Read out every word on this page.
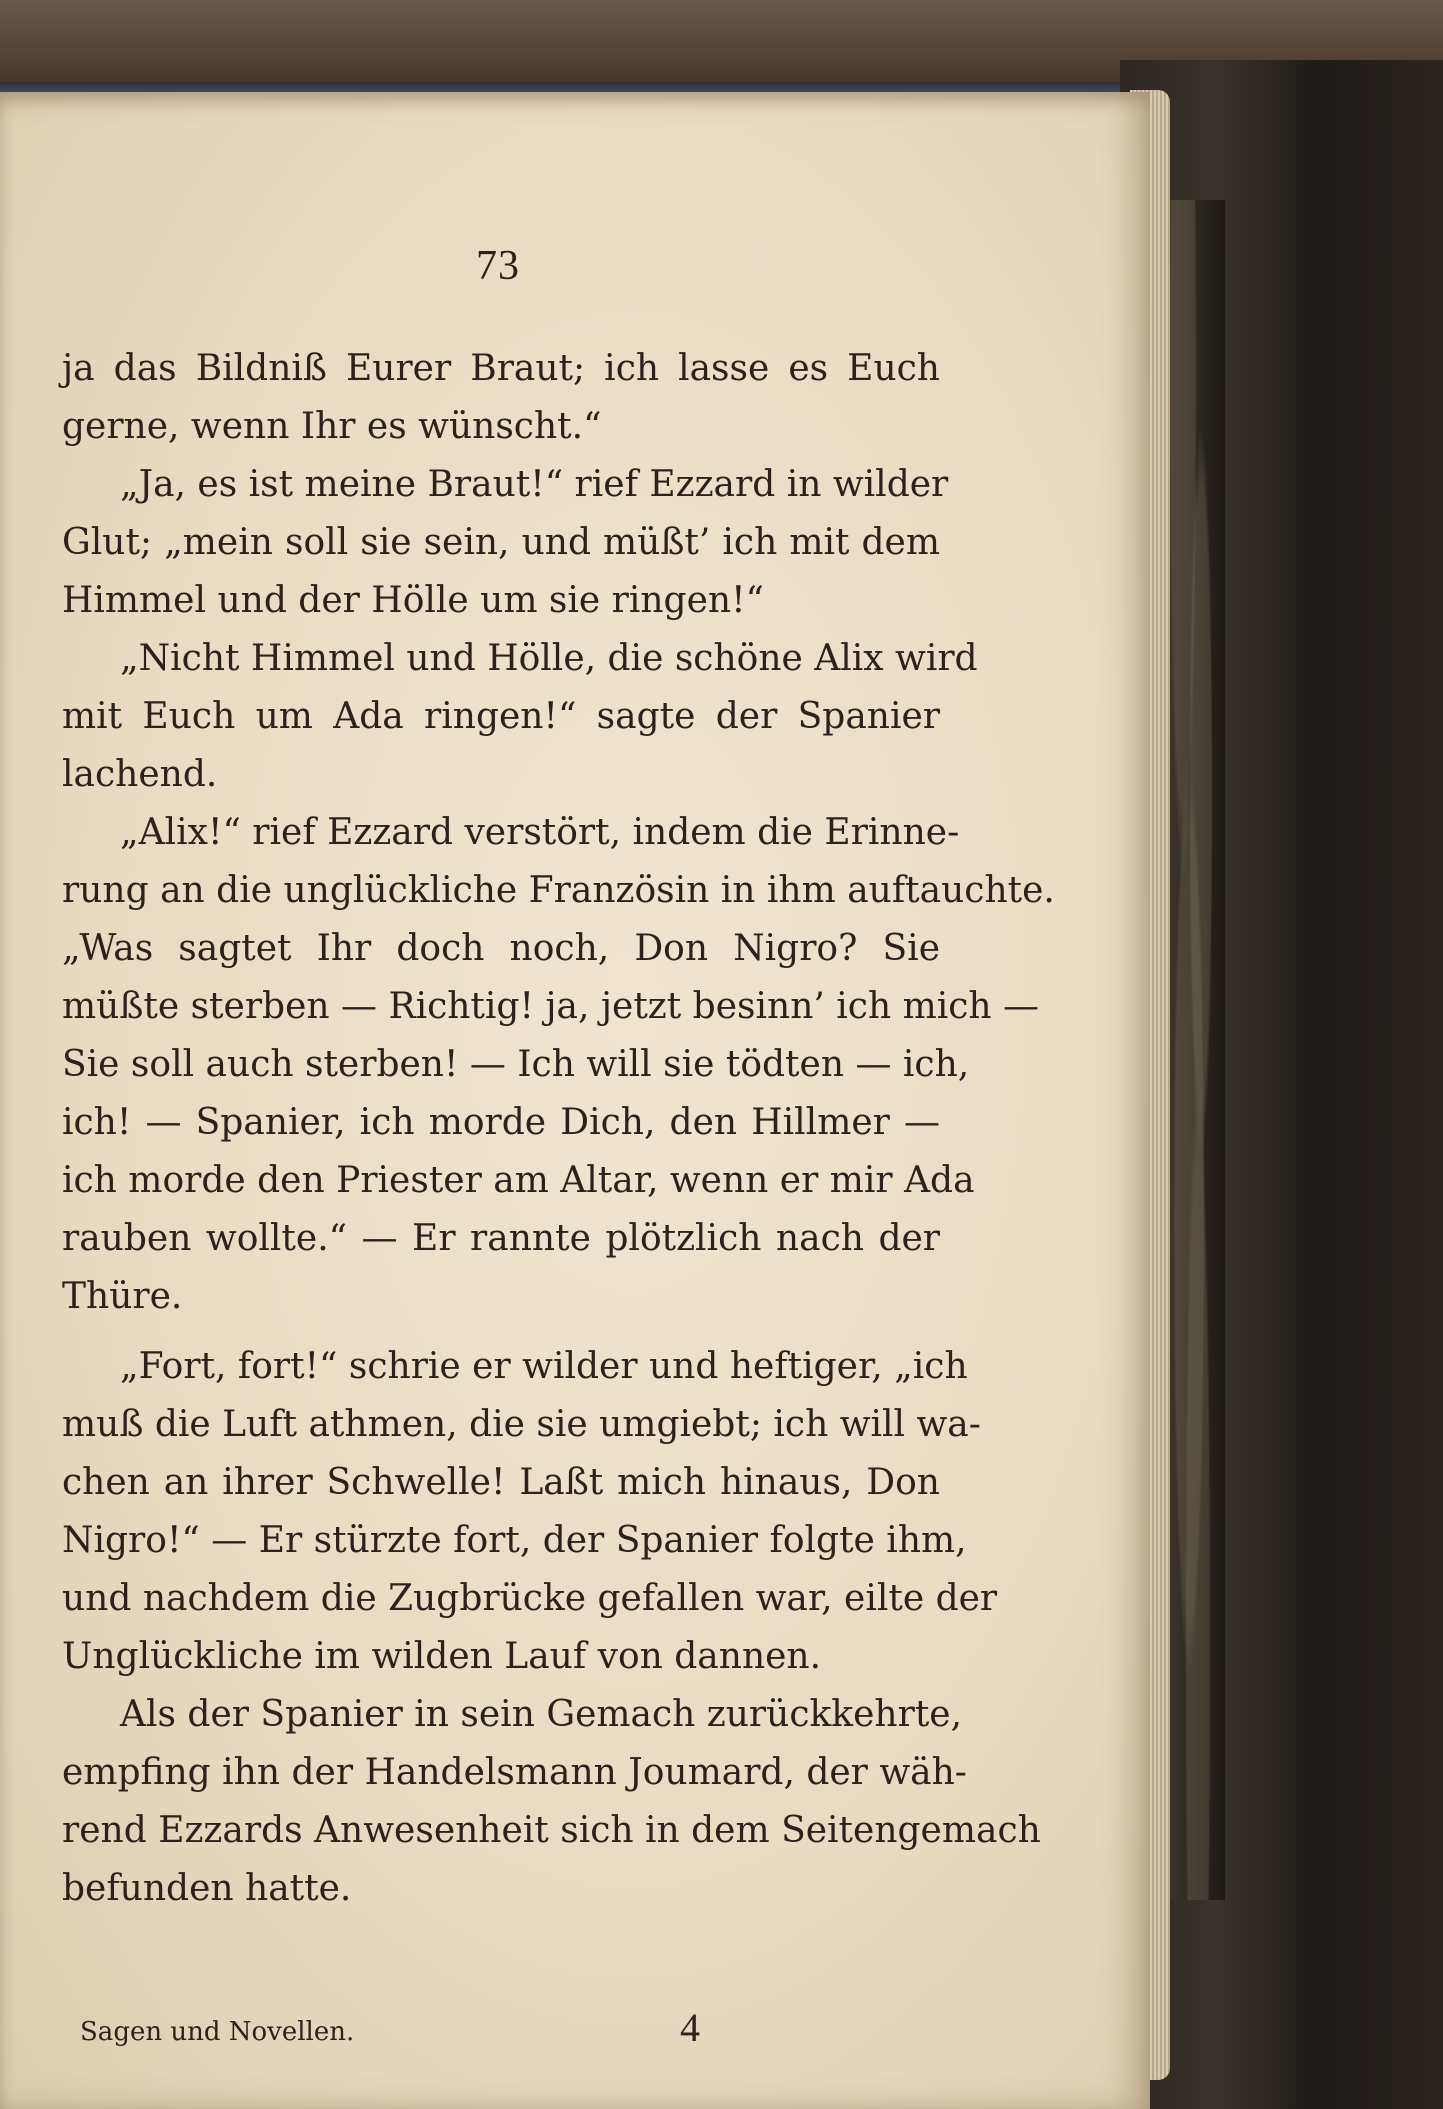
73
ja das Bildniß Eurer Braut; ich lasse es Euch
gerne, wenn Ihr es wünscht.“
„Ja, es ist meine Braut!“ rief Ezzard in wilder
Glut; „mein soll sie sein, und müßt’ ich mit dem
Himmel und der Hölle um sie ringen!“
„Nicht Himmel und Hölle, die schöne Alix wird
mit Euch um Ada ringen!“ sagte der Spanier
lachend.
„Alix!“ rief Ezzard verstört, indem die Erinne-
rung an die unglückliche Französin in ihm auftauchte.
„Was sagtet Ihr doch noch, Don Nigro? Sie
müßte sterben — Richtig! ja, jetzt besinn’ ich mich —
Sie soll auch sterben! — Ich will sie tödten — ich,
ich! — Spanier, ich morde Dich, den Hillmer —
ich morde den Priester am Altar, wenn er mir Ada
rauben wollte.“ — Er rannte plötzlich nach der
Thüre.
„Fort, fort!“ schrie er wilder und heftiger, „ich
muß die Luft athmen, die sie umgiebt; ich will wa-
chen an ihrer Schwelle! Laßt mich hinaus, Don
Nigro!“ — Er stürzte fort, der Spanier folgte ihm,
und nachdem die Zugbrücke gefallen war, eilte der
Unglückliche im wilden Lauf von dannen.
Als der Spanier in sein Gemach zurückkehrte,
empfing ihn der Handelsmann Joumard, der wäh-
rend Ezzards Anwesenheit sich in dem Seitengemach
befunden hatte.
Sagen und Novellen.	4
